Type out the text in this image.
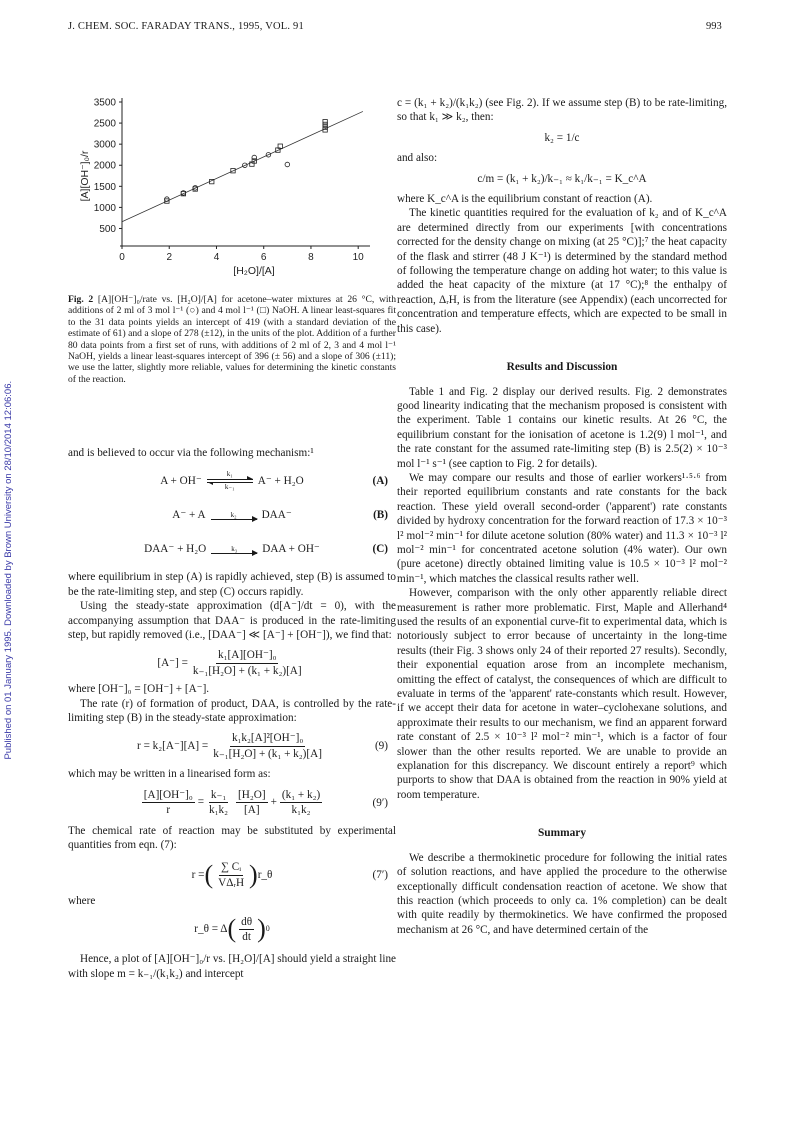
J. CHEM. SOC. FARADAY TRANS., 1995, VOL. 91	993
Published on 01 January 1995. Downloaded by Brown University on 28/10/2014 12:06:06.
3500
2500
3000
2000
1500
1000
500
0	2	4	6	8	10
[H₂O]/[A]
[A][OH⁻]₀/r
Fig. 2 [A][OH⁻]₀/rate vs. [H₂O]/[A] for acetone–water mixtures at 26 °C, with additions of 2 ml of 3 mol l⁻¹ (○) and 4 mol l⁻¹ (□) NaOH. A linear least-squares fit to the 31 data points yields an intercept of 419 (with a standard deviation of the estimate of 61) and a slope of 278 (±12), in the units of the plot. Addition of a further 80 data points from a first set of runs, with additions of 2 ml of 2, 3 and 4 mol l⁻¹ NaOH, yields a linear least-squares intercept of 396 (± 56) and a slope of 306 (±11); we use the latter, slightly more reliable, values for determining the kinetic constants of the reaction.

and is believed to occur via the following mechanism:¹

A + OH⁻
k₁
k₋₁
A⁻ + H₂O	(A)
A⁻ + A	k₂ DAA⁻	(B)
DAA⁻ + H₂O	k₃ DAA + OH⁻	(C)

where equilibrium in step (A) is rapidly achieved, step (B) is assumed to be the rate-limiting step, and step (C) occurs rapidly.

Using the steady-state approximation (d[A⁻]/dt = 0), with the accompanying assumption that DAA⁻ is produced in the rate-limiting step, but rapidly removed (i.e., [DAA⁻] ≪ [A⁻] + [OH⁻]), we find that:

$[A^-] = \frac{\text{k₁[A][OH⁻]₀}}{\text{k₋₁[H₂O] + (k₁ + k₂)[A]}}$

where [OH⁻]₀ = [OH⁻] + [A⁻].

The rate (r) of formation of product, DAA, is controlled by the rate-limiting step (B) in the steady-state approximation:

$r = k_2[A^-][A] = \frac{\text{k₁k₂[A]²[OH⁻]₀}}{\text{k₋₁[H₂O] + (k₁ + k₂)[A]}}$	(9)

which may be written in a linearised form as:

$\frac{\text{[A][OH⁻]₀}}{r} = \frac{\text{k₋₁}}{\text{k₁k₂}} \frac{\text{[H₂O]}}{[A]} + \frac{\text{(k₁ + k₂)}}{\text{k₁k₂}}$	(9′)

The chemical rate of reaction may be substituted by experimental quantities from eqn. (7):

r = ( $\frac{\text{∑ Cᵢ}}{\text{VΔᵣH}}$ ) r_θ	(7′)

where

r_θ = Δ ( $\frac{d\theta}{dt}$ ) 0

Hence, a plot of [A][OH⁻]₀/r vs. [H₂O]/[A] should yield a straight line with slope m = k₋₁/(k₁k₂) and intercept

c = (k₁ + k₂)/(k₁k₂) (see Fig. 2). If we assume step (B) to be rate-limiting, so that k₁ ≫ k₂, then:

k₂ = 1/c

and also:

c/m = (k₁ + k₂)/k₋₁ ≈ k₁/k₋₁ = K_c^A

where K_c^A is the equilibrium constant of reaction (A).

The kinetic quantities required for the evaluation of k₂ and of K_c^A are determined directly from our experiments [with concentrations corrected for the density change on mixing (at 25 °C)];⁷ the heat capacity of the flask and stirrer (48 J K⁻¹) is determined by the standard method of following the temperature change on adding hot water; to this value is added the heat capacity of the mixture (at 17 °C);⁸ the enthalpy of reaction, ΔᵣH, is from the literature (see Appendix) (each uncorrected for concentration and temperature effects, which are expected to be small in this case).

Results and Discussion

Table 1 and Fig. 2 display our derived results. Fig. 2 demonstrates good linearity indicating that the mechanism proposed is consistent with the experiment. Table 1 contains our kinetic results. At 26 °C, the equilibrium constant for the ionisation of acetone is 1.2(9) l mol⁻¹, and the rate constant for the assumed rate-limiting step (B) is 2.5(2) × 10⁻³ mol l⁻¹ s⁻¹ (see caption to Fig. 2 for details).

We may compare our results and those of earlier workers¹·⁵·⁶ from their reported equilibrium constants and rate constants for the back reaction. These yield overall second-order ('apparent') rate constants divided by hydroxy concentration for the forward reaction of 17.3 × 10⁻³ l² mol⁻² min⁻¹ for dilute acetone solution (80% water) and 11.3 × 10⁻³ l² mol⁻² min⁻¹ for concentrated acetone solution (4% water). Our own (pure acetone) directly obtained limiting value is 10.5 × 10⁻³ l² mol⁻² min⁻¹, which matches the classical results rather well.

However, comparison with the only other apparently reliable direct measurement is rather more problematic. First, Maple and Allerhand⁴ used the results of an exponential curve-fit to experimental data, which is notoriously subject to error because of uncertainty in the long-time results (their Fig. 3 shows only 24 of their reported 27 results). Secondly, their exponential equation arose from an incomplete mechanism, omitting the effect of catalyst, the consequences of which are difficult to evaluate in terms of the 'apparent' rate-constants which result. However, if we accept their data for acetone in water–cyclohexane solutions, and approximate their results to our mechanism, we find an apparent forward rate constant of 2.5 × 10⁻³ l² mol⁻² min⁻¹, which is a factor of four slower than the other results reported. We are unable to provide an explanation for this discrepancy. We discount entirely a report⁹ which purports to show that DAA is obtained from the reaction in 90% yield at room temperature.

Summary

We describe a thermokinetic procedure for following the initial rates of solution reactions, and have applied the procedure to the otherwise exceptionally difficult condensation reaction of acetone. We show that this reaction (which proceeds to only ca. 1% completion) can be dealt with quite readily by thermokinetics. We have confirmed the proposed mechanism at 26 °C, and have determined certain of the
